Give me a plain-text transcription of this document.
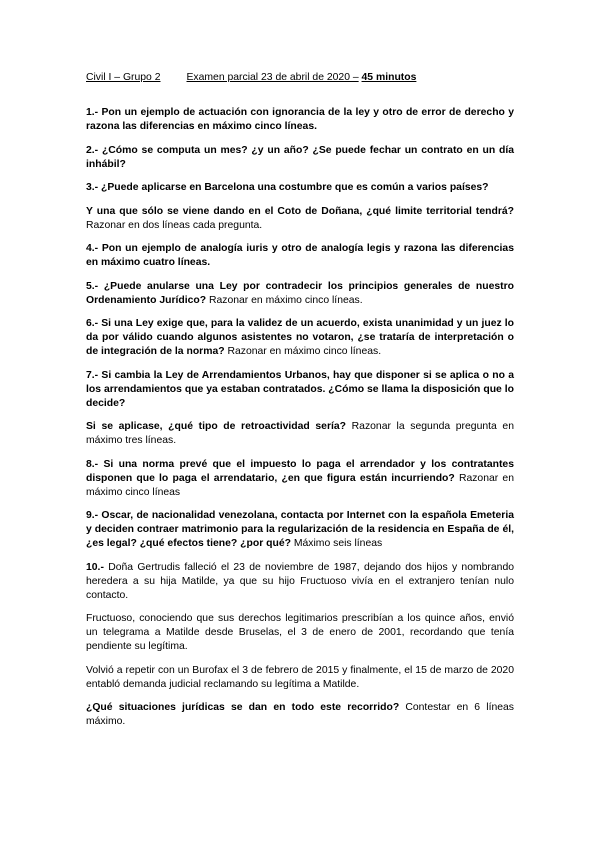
Civil I – Grupo 2	Examen parcial 23 de abril de 2020 – 45 minutos

1.- Pon un ejemplo de actuación con ignorancia de la ley y otro de error de derecho y razona las diferencias en máximo cinco líneas.

2.- ¿Cómo se computa un mes? ¿y un año? ¿Se puede fechar un contrato en un día inhábil?

3.- ¿Puede aplicarse en Barcelona una costumbre que es común a varios países?

Y una que sólo se viene dando en el Coto de Doñana, ¿qué limite territorial tendrá? Razonar en dos líneas cada pregunta.

4.- Pon un ejemplo de analogía iuris y otro de analogía legis y razona las diferencias en máximo cuatro líneas.

5.- ¿Puede anularse una Ley por contradecir los principios generales de nuestro Ordenamiento Jurídico? Razonar en máximo cinco líneas.

6.- Si una Ley exige que, para la validez de un acuerdo, exista unanimidad y un juez lo da por válido cuando algunos asistentes no votaron, ¿se trataría de interpretación o de integración de la norma? Razonar en máximo cinco líneas.

7.- Si cambia la Ley de Arrendamientos Urbanos, hay que disponer si se aplica o no a los arrendamientos que ya estaban contratados. ¿Cómo se llama la disposición que lo decide?

Si se aplicase, ¿qué tipo de retroactividad sería? Razonar la segunda pregunta en máximo tres líneas.

8.- Si una norma prevé que el impuesto lo paga el arrendador y los contratantes disponen que lo paga el arrendatario, ¿en que figura están incurriendo? Razonar en máximo cinco líneas

9.- Oscar, de nacionalidad venezolana, contacta por Internet con la española Emeteria y deciden contraer matrimonio para la regularización de la residencia en España de él, ¿es legal? ¿qué efectos tiene? ¿por qué? Máximo seis líneas

10.- Doña Gertrudis falleció el 23 de noviembre de 1987, dejando dos hijos y nombrando heredera a su hija Matilde, ya que su hijo Fructuoso vivía en el extranjero tenían nulo contacto.

Fructuoso, conociendo que sus derechos legitimarios prescribían a los quince años, envió un telegrama a Matilde desde Bruselas, el 3 de enero de 2001, recordando que tenía pendiente su legítima.

Volvió a repetir con un Burofax el 3 de febrero de 2015 y finalmente, el 15 de marzo de 2020 entabló demanda judicial reclamando su legítima a Matilde.

¿Qué situaciones jurídicas se dan en todo este recorrido? Contestar en 6 líneas máximo.
